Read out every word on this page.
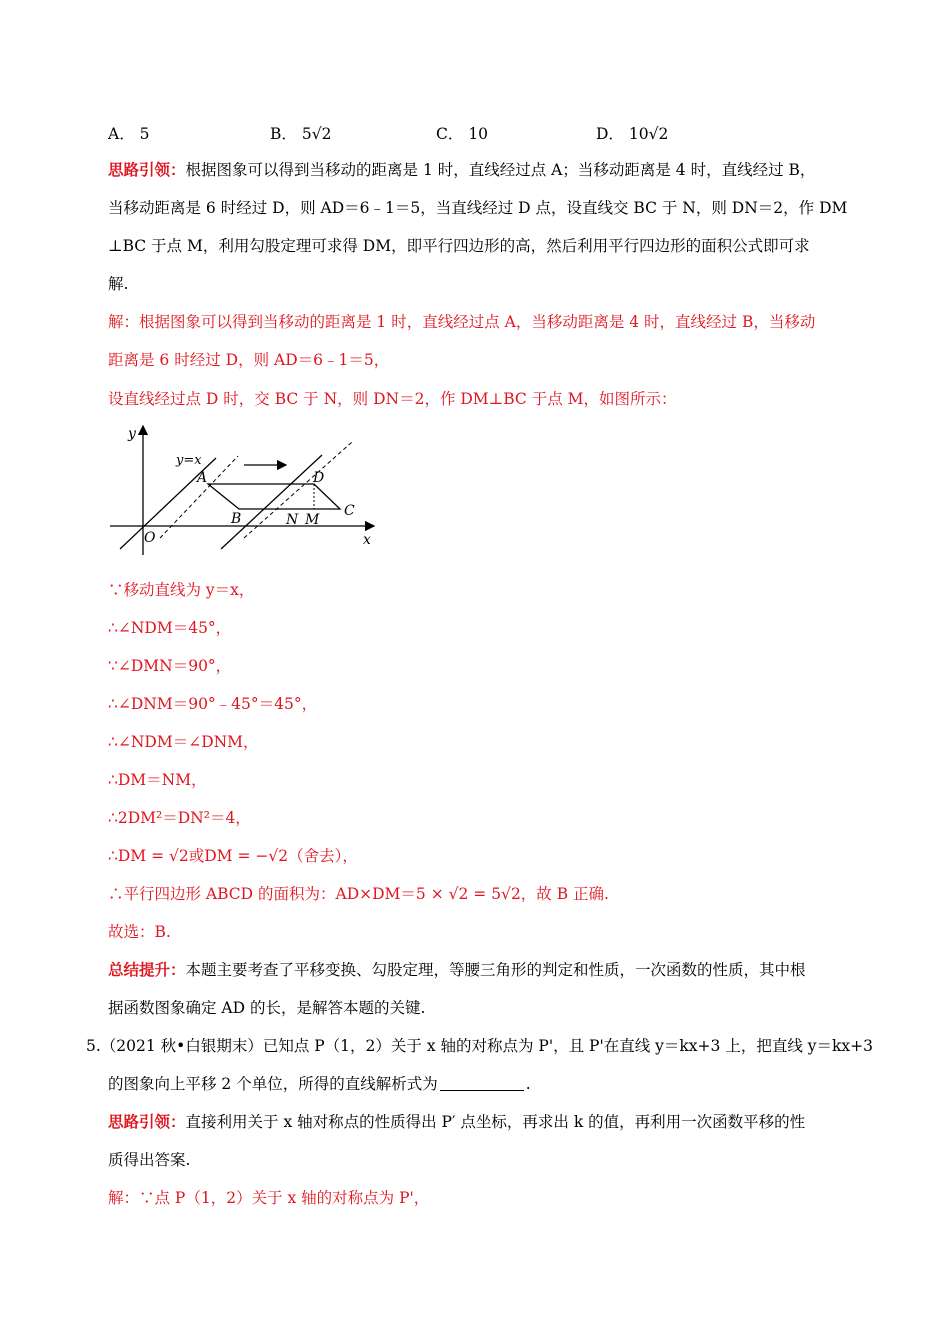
A． 5	B． 5√2	C． 10	D． 10√2
思路引领：根据图象可以得到当移动的距离是 1 时，直线经过点 A；当移动距离是 4 时，直线经过 B，
当移动距离是 6 时经过 D，则 AD＝6﹣1＝5，当直线经过 D 点，设直线交 BC 于 N，则 DN＝2，作 DM
⊥BC 于点 M，利用勾股定理可求得 DM，即平行四边形的高，然后利用平行四边形的面积公式即可求
解.
解：根据图象可以得到当移动的距离是 1 时，直线经过点 A，当移动距离是 4 时，直线经过 B，当移动
距离是 6 时经过 D，则 AD＝6﹣1＝5，
设直线经过点 D 时，交 BC 于 N，则 DN＝2，作 DM⊥BC 于点 M，如图所示：
y
x
O
y=x
A
B	C
D
N M
∵移动直线为 y＝x，
∴∠NDM＝45°，
∵∠DMN＝90°，
∴∠DNM＝90°﹣45°＝45°，
∴∠NDM＝∠DNM，
∴DM＝NM，
∴2DM²＝DN²＝4，
∴DM = √2或DM = −√2（舍去），
∴平行四边形 ABCD 的面积为：AD×DM＝5 × √2 = 5√2，故 B 正确.
故选：B.
总结提升：本题主要考查了平移变换、勾股定理，等腰三角形的判定和性质，一次函数的性质，其中根
据函数图象确定 AD 的长，是解答本题的关键.
5.（2021 秋•白银期末）已知点 P（1，2）关于 x 轴的对称点为 P'，且 P'在直线 y＝kx+3 上，把直线 y＝kx+3
的图象向上平移 2 个单位，所得的直线解析式为	.
思路引领：直接利用关于 x 轴对称点的性质得出 P′ 点坐标，再求出 k 的值，再利用一次函数平移的性
质得出答案.
解：∵点 P（1，2）关于 x 轴的对称点为 P'，
